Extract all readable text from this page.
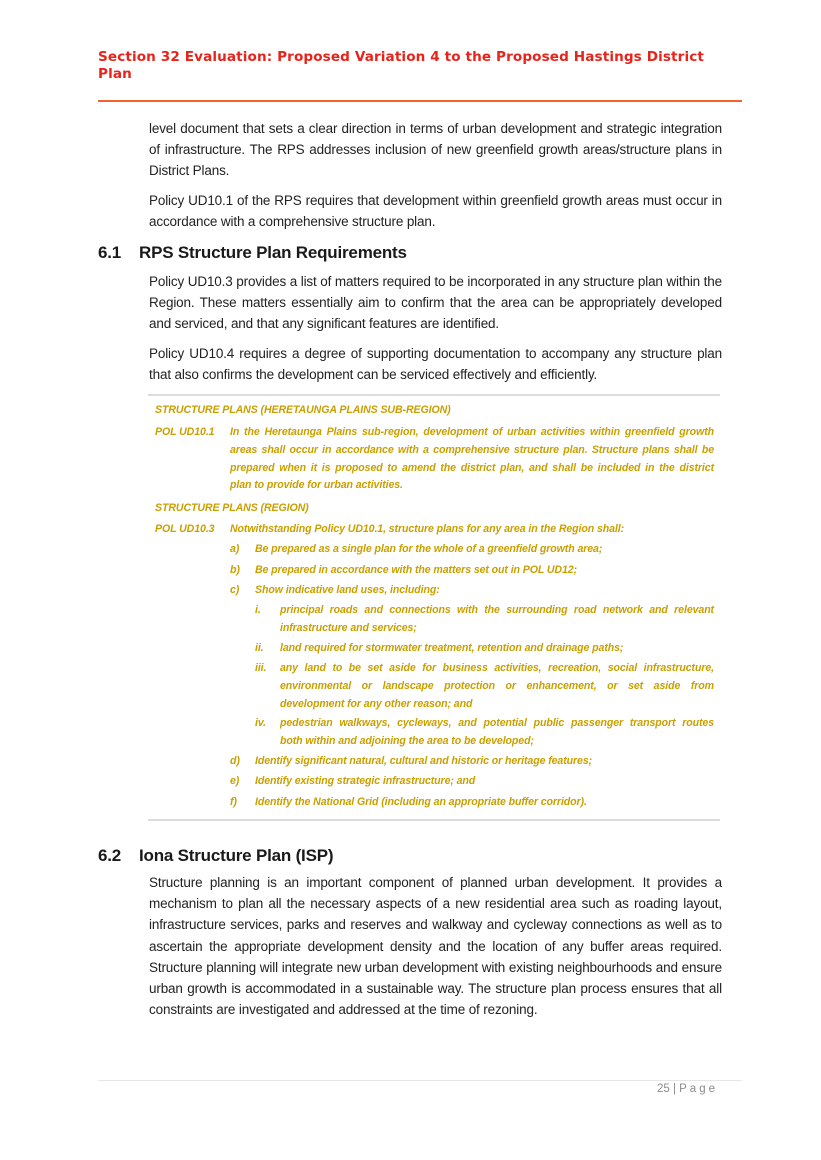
Section 32 Evaluation: Proposed Variation 4 to the Proposed Hastings District Plan

level document that sets a clear direction in terms of urban development and strategic integration of infrastructure. The RPS addresses inclusion of new greenfield growth areas/structure plans in District Plans.

Policy UD10.1 of the RPS requires that development within greenfield growth areas must occur in accordance with a comprehensive structure plan.

6.1 RPS Structure Plan Requirements

Policy UD10.3 provides a list of matters required to be incorporated in any structure plan within the Region. These matters essentially aim to confirm that the area can be appropriately developed and serviced, and that any significant features are identified.

Policy UD10.4 requires a degree of supporting documentation to accompany any structure plan that also confirms the development can be serviced effectively and efficiently.

STRUCTURE PLANS (HERETAUNGA PLAINS SUB-REGION)
POL UD10.1 In the Heretaunga Plains sub-region, development of urban activities within greenfield growth
areas shall occur in accordance with a comprehensive structure plan. Structure plans shall be
prepared when it is proposed to amend the district plan, and shall be included in the district
plan to provide for urban activities.
STRUCTURE PLANS (REGION)
POL UD10.3 Notwithstanding Policy UD10.1, structure plans for any area in the Region shall:
a) Be prepared as a single plan for the whole of a greenfield growth area;
b) Be prepared in accordance with the matters set out in POL UD12;
c) Show indicative land uses, including:
i. principal roads and connections with the surrounding road network and relevant
infrastructure and services;
ii. land required for stormwater treatment, retention and drainage paths;
iii. any land to be set aside for business activities, recreation, social infrastructure,
environmental or landscape protection or enhancement, or set aside from
development for any other reason; and
iv. pedestrian walkways, cycleways, and potential public passenger transport routes
both within and adjoining the area to be developed;
d) Identify significant natural, cultural and historic or heritage features;
e) Identify existing strategic infrastructure; and
f) Identify the National Grid (including an appropriate buffer corridor).
6.2 Iona Structure Plan (ISP)

Structure planning is an important component of planned urban development. It provides a mechanism to plan all the necessary aspects of a new residential area such as roading layout, infrastructure services, parks and reserves and walkway and cycleway connections as well as to ascertain the appropriate development density and the location of any buffer areas required. Structure planning will integrate new urban development with existing neighbourhoods and ensure urban growth is accommodated in a sustainable way. The structure plan process ensures that all constraints are investigated and addressed at the time of rezoning.

25 | Page
